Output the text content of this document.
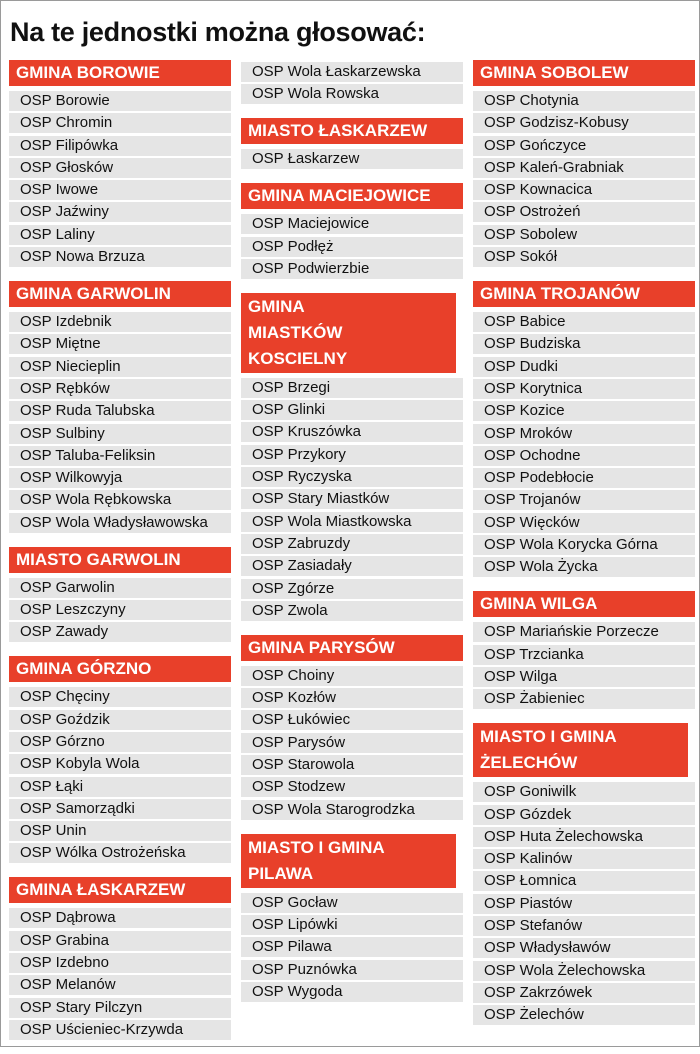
Na te jednostki można głosować:
GMINA BOROWIE
OSP Borowie
OSP Chromin
OSP Filipówka
OSP Głosków
OSP Iwowe
OSP Jaźwiny
OSP Laliny
OSP Nowa Brzuza
GMINA GARWOLIN
OSP Izdebnik
OSP Miętne
OSP Niecieplin
OSP Rębków
OSP Ruda Talubska
OSP Sulbiny
OSP Taluba-Feliksin
OSP Wilkowyja
OSP Wola Rębkowska
OSP Wola Władysławowska
MIASTO GARWOLIN
OSP Garwolin
OSP Leszczyny
OSP Zawady
GMINA GÓRZNO
OSP Chęciny
OSP Goździk
OSP Górzno
OSP Kobyla Wola
OSP Łąki
OSP Samorządki
OSP Unin
OSP Wólka Ostrożeńska
GMINA ŁASKARZEW
OSP Dąbrowa
OSP Grabina
OSP Izdebno
OSP Melanów
OSP Stary Pilczyn
OSP Uścieniec-Krzywda
OSP Wola Łaskarzewska
OSP Wola Rowska
MIASTO ŁASKARZEW
OSP Łaskarzew
GMINA MACIEJOWICE
OSP Maciejowice
OSP Podłęż
OSP Podwierzbie
GMINA MIASTKÓW KOSCIELNY
OSP Brzegi
OSP Glinki
OSP Kruszówka
OSP Przykory
OSP Ryczyska
OSP Stary Miastków
OSP Wola Miastkowska
OSP Zabruzdy
OSP Zasiadały
OSP Zgórze
OSP Zwola
GMINA PARYSÓW
OSP Choiny
OSP Kozłów
OSP Łukówiec
OSP Parysów
OSP Starowola
OSP Stodzew
OSP Wola Starogrodzka
MIASTO I GMINA PILAWA
OSP Gocław
OSP Lipówki
OSP Pilawa
OSP Puznówka
OSP Wygoda
GMINA SOBOLEW
OSP Chotynia
OSP Godzisz-Kobusy
OSP Gończyce
OSP Kaleń-Grabniak
OSP Kownacica
OSP Ostrożeń
OSP Sobolew
OSP Sokół
GMINA TROJANÓW
OSP Babice
OSP Budziska
OSP Dudki
OSP Korytnica
OSP Kozice
OSP Mroków
OSP Ochodne
OSP Podebłocie
OSP Trojanów
OSP Więcków
OSP Wola Korycka Górna
OSP Wola Życka
GMINA WILGA
OSP Mariańskie Porzecze
OSP Trzcianka
OSP Wilga
OSP Żabieniec
MIASTO I GMINA ŻELECHÓW
OSP Goniwilk
OSP Gózdek
OSP Huta Żelechowska
OSP Kalinów
OSP Łomnica
OSP Piastów
OSP Stefanów
OSP Władysławów
OSP Wola Żelechowska
OSP Zakrzówek
OSP Żelechów
